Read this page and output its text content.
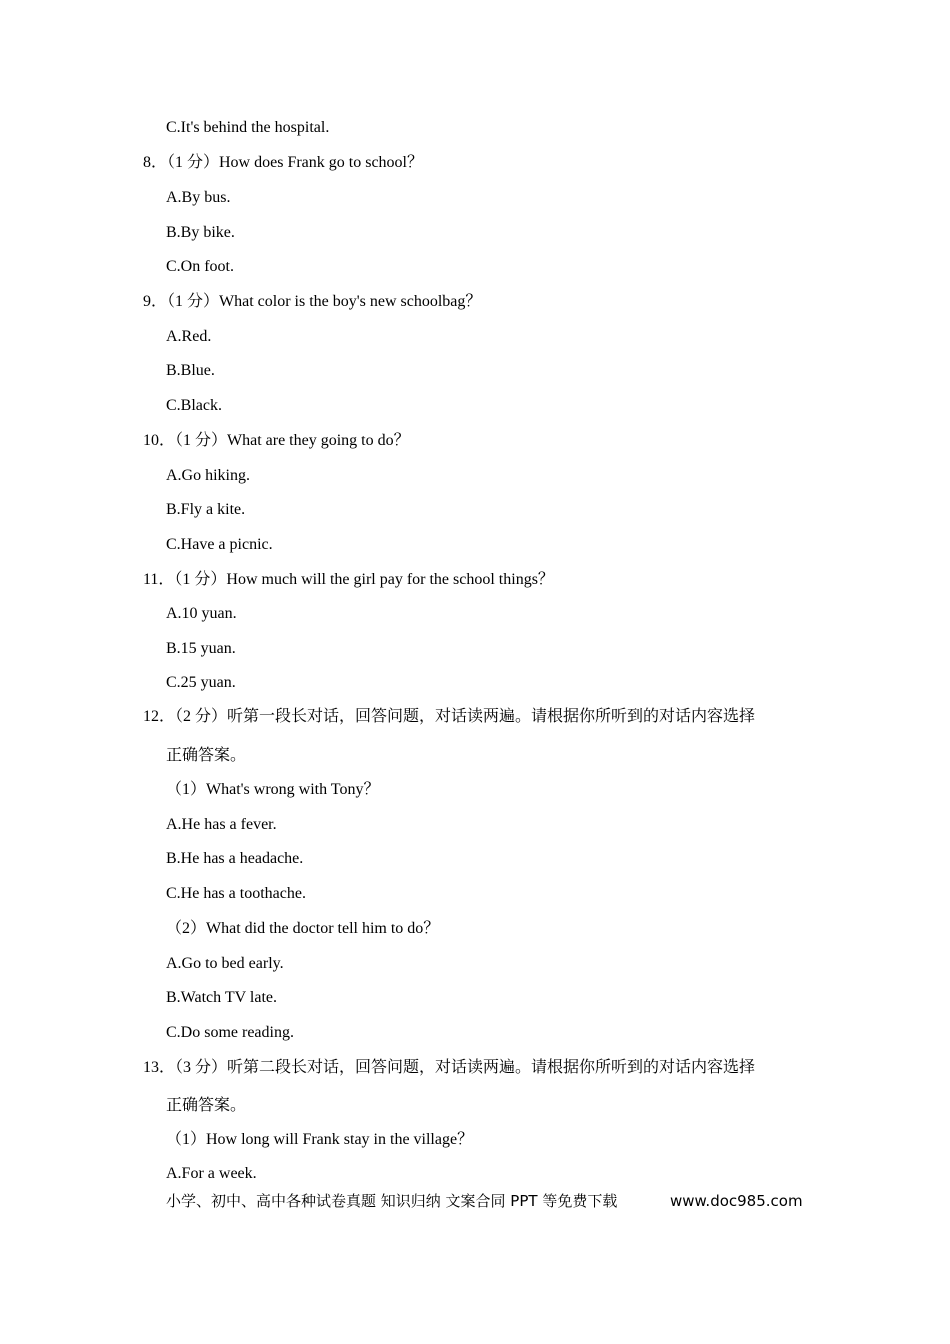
C.It's behind the hospital.
8．（1 分）How does Frank go to school？
A.By bus.
B.By bike.
C.On foot.
9．（1 分）What color is the boy's new schoolbag？
A.Red.
B.Blue.
C.Black.
10．（1 分）What are they going to do？
A.Go hiking.
B.Fly a kite.
C.Have a picnic.
11．（1 分）How much will the girl pay for the school things？
A.10 yuan.
B.15 yuan.
C.25 yuan.
12．（2 分）听第一段长对话，回答问题，对话读两遍。请根据你所听到的对话内容选择
正确答案。
（1）What's wrong with Tony？
A.He has a fever.
B.He has a headache.
C.He has a toothache.
（2）What did the doctor tell him to do？
A.Go to bed early.
B.Watch TV late.
C.Do some reading.
13．（3 分）听第二段长对话，回答问题，对话读两遍。请根据你所听到的对话内容选择
正确答案。
（1）How long will Frank stay in the village？
A.For a week.
小学、初中、高中各种试卷真题 知识归纳 文案合同 PPT 等免费下载	www.doc985.com
